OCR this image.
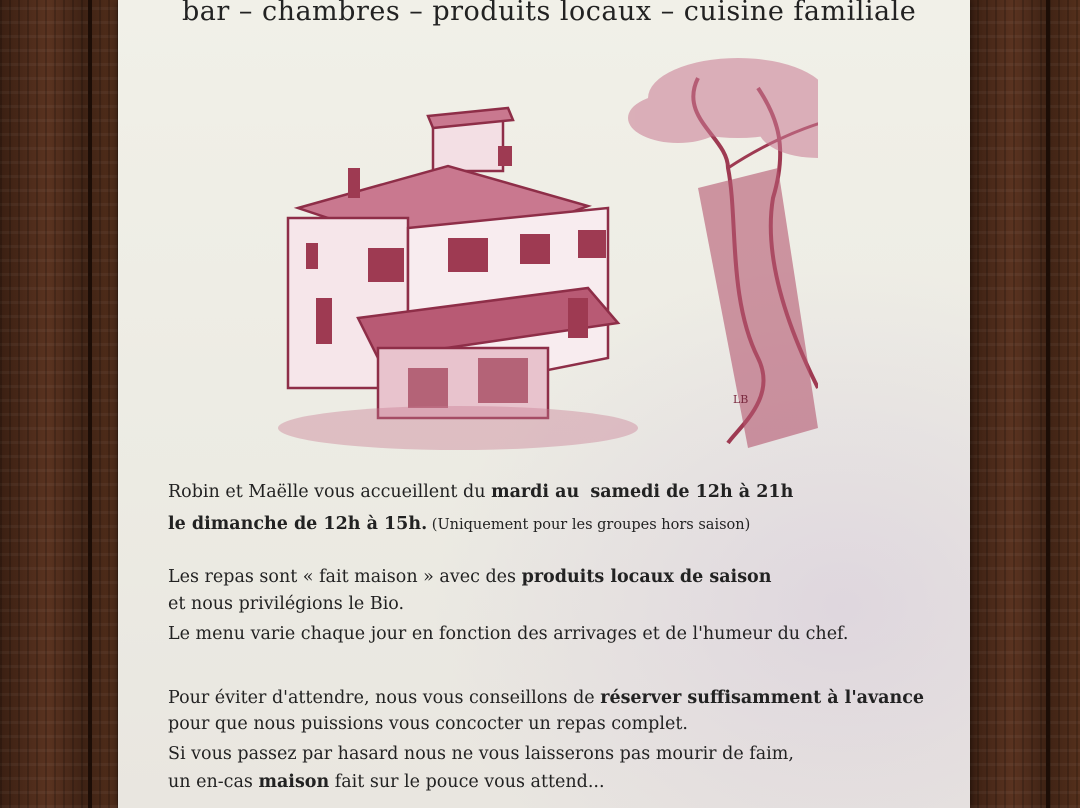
bar – chambres – produits locaux – cuisine familiale
LB
Robin et Maëlle vous accueillent du mardi au samedi de 12h à 21h
le dimanche de 12h à 15h. (Uniquement pour les groupes hors saison)
Les repas sont « fait maison » avec des produits locaux de saison
et nous privilégions le Bio.
Le menu varie chaque jour en fonction des arrivages et de l'humeur du chef.
Pour éviter d'attendre, nous vous conseillons de réserver suffisamment à l'avance
pour que nous puissions vous concocter un repas complet.
Si vous passez par hasard nous ne vous laisserons pas mourir de faim,
un en-cas maison fait sur le pouce vous attend...
